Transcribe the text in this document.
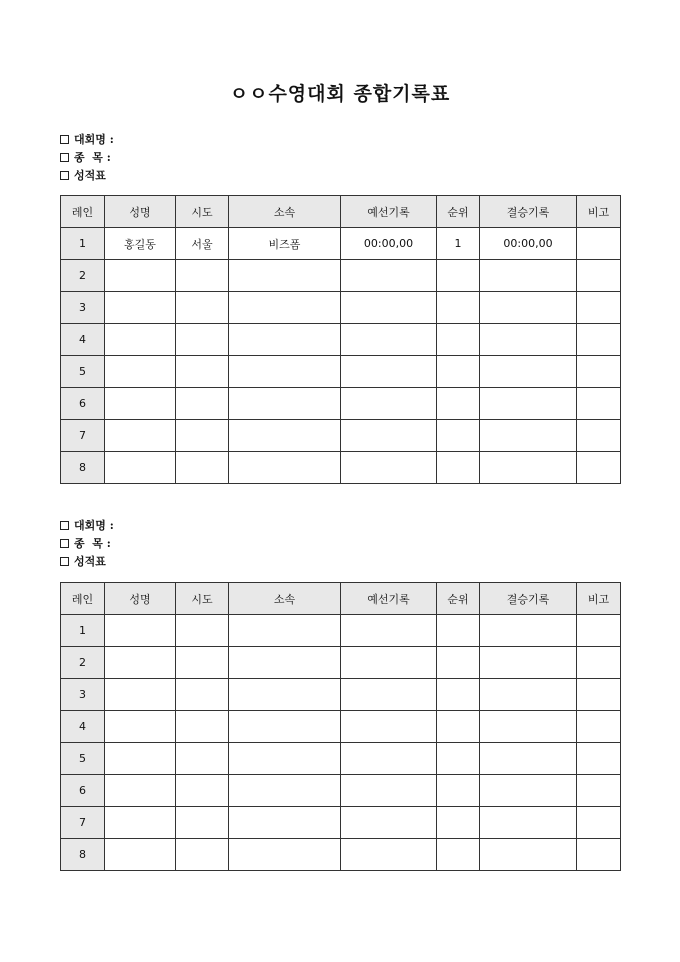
ㅇㅇ수영대회 종합기록표
대회명 :
종  목 :
성적표
레인	성명	시도	소속	예선기록	순위	결승기록	비고
1	홍길동	서울	비즈폼	00:00,00	1	00:00,00	
2							
3							
4							
5							
6							
7							
8							
대회명 :
종  목 :
성적표
레인	성명	시도	소속	예선기록	순위	결승기록	비고
1							
2							
3							
4							
5							
6							
7							
8							
